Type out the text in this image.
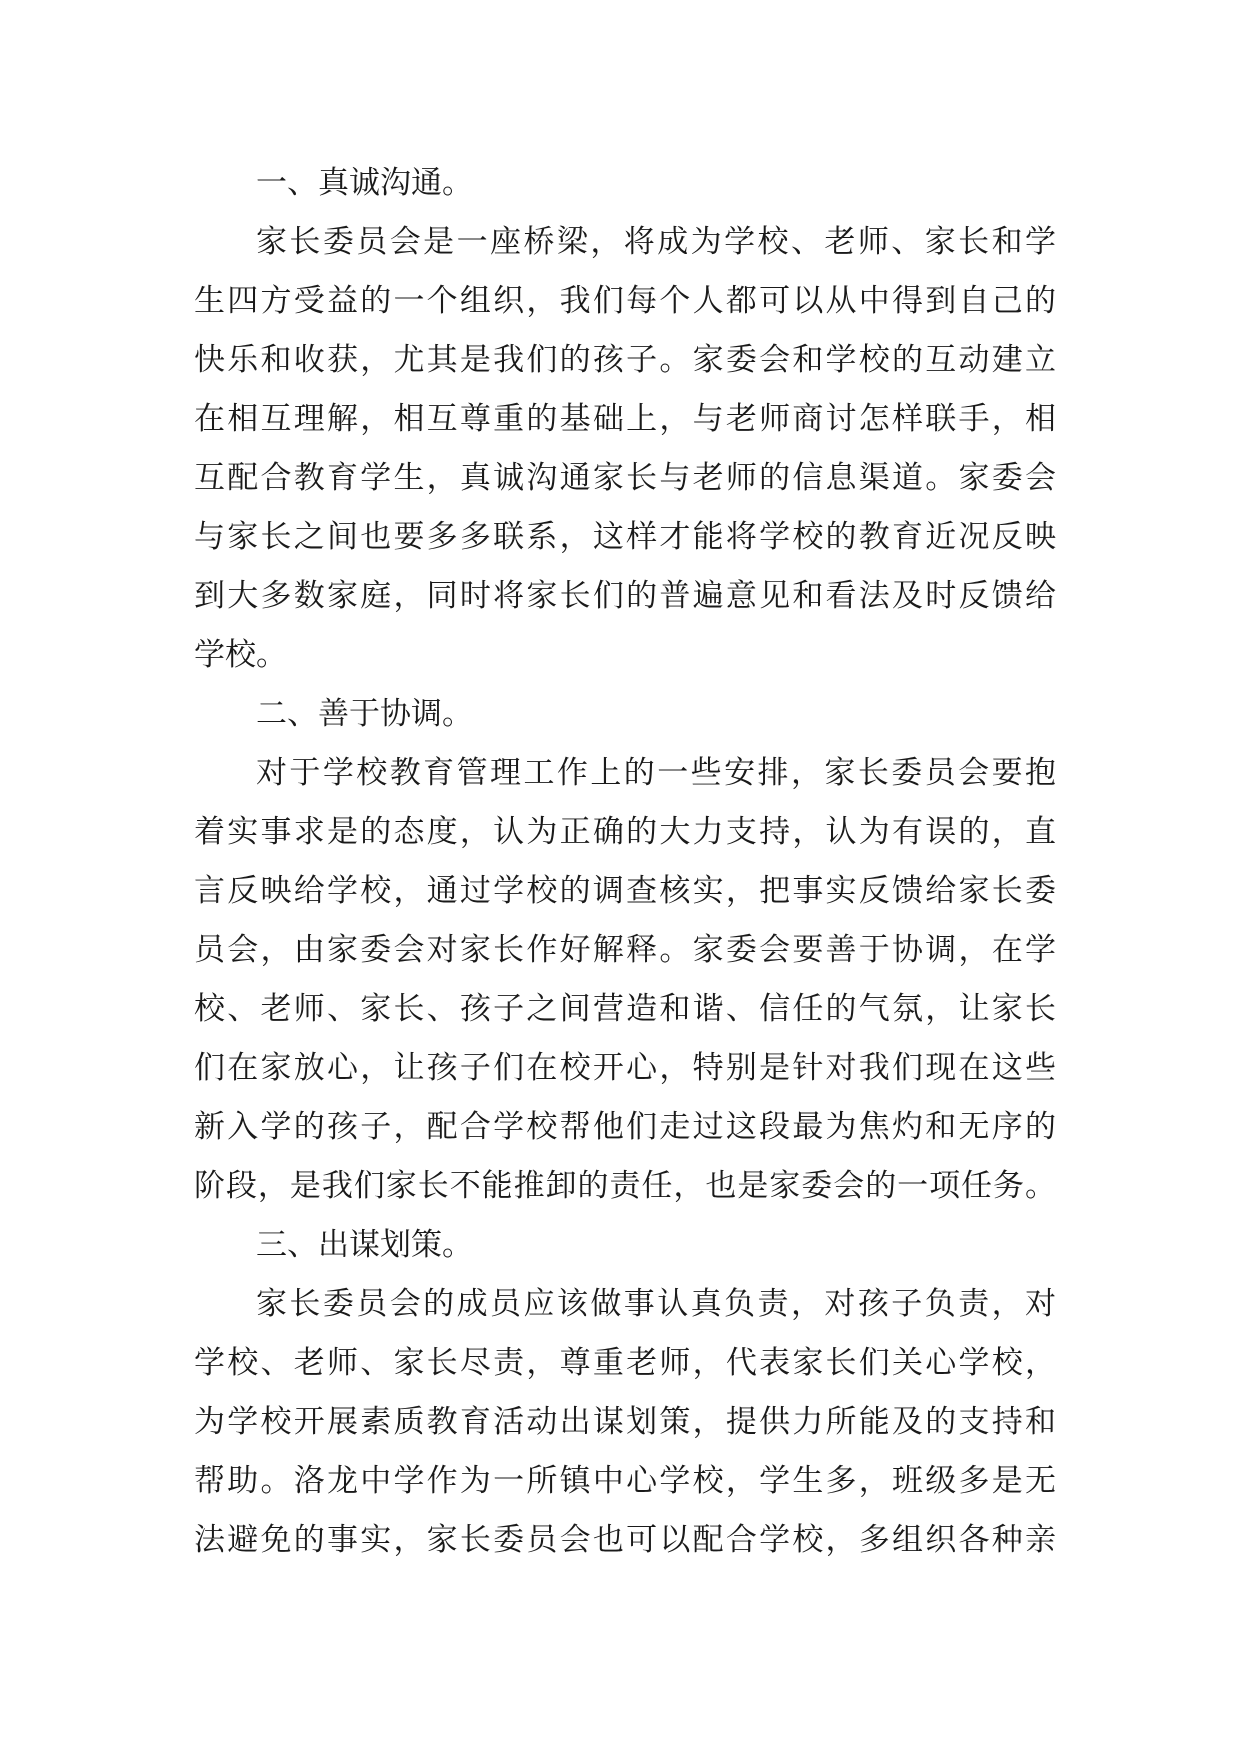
一、真诚沟通。
家长委员会是一座桥梁，将成为学校、老师、家长和学
生四方受益的一个组织，我们每个人都可以从中得到自己的
快乐和收获，尤其是我们的孩子。家委会和学校的互动建立
在相互理解，相互尊重的基础上，与老师商讨怎样联手，相
互配合教育学生，真诚沟通家长与老师的信息渠道。家委会
与家长之间也要多多联系，这样才能将学校的教育近况反映
到大多数家庭，同时将家长们的普遍意见和看法及时反馈给
学校。
二、善于协调。
对于学校教育管理工作上的一些安排，家长委员会要抱
着实事求是的态度，认为正确的大力支持，认为有误的，直
言反映给学校，通过学校的调查核实，把事实反馈给家长委
员会，由家委会对家长作好解释。家委会要善于协调，在学
校、老师、家长、孩子之间营造和谐、信任的气氛，让家长
们在家放心，让孩子们在校开心，特别是针对我们现在这些
新入学的孩子，配合学校帮他们走过这段最为焦灼和无序的
阶段，是我们家长不能推卸的责任，也是家委会的一项任务。
三、出谋划策。
家长委员会的成员应该做事认真负责，对孩子负责，对
学校、老师、家长尽责，尊重老师，代表家长们关心学校，
为学校开展素质教育活动出谋划策，提供力所能及的支持和
帮助。洛龙中学作为一所镇中心学校，学生多，班级多是无
法避免的事实，家长委员会也可以配合学校，多组织各种亲
